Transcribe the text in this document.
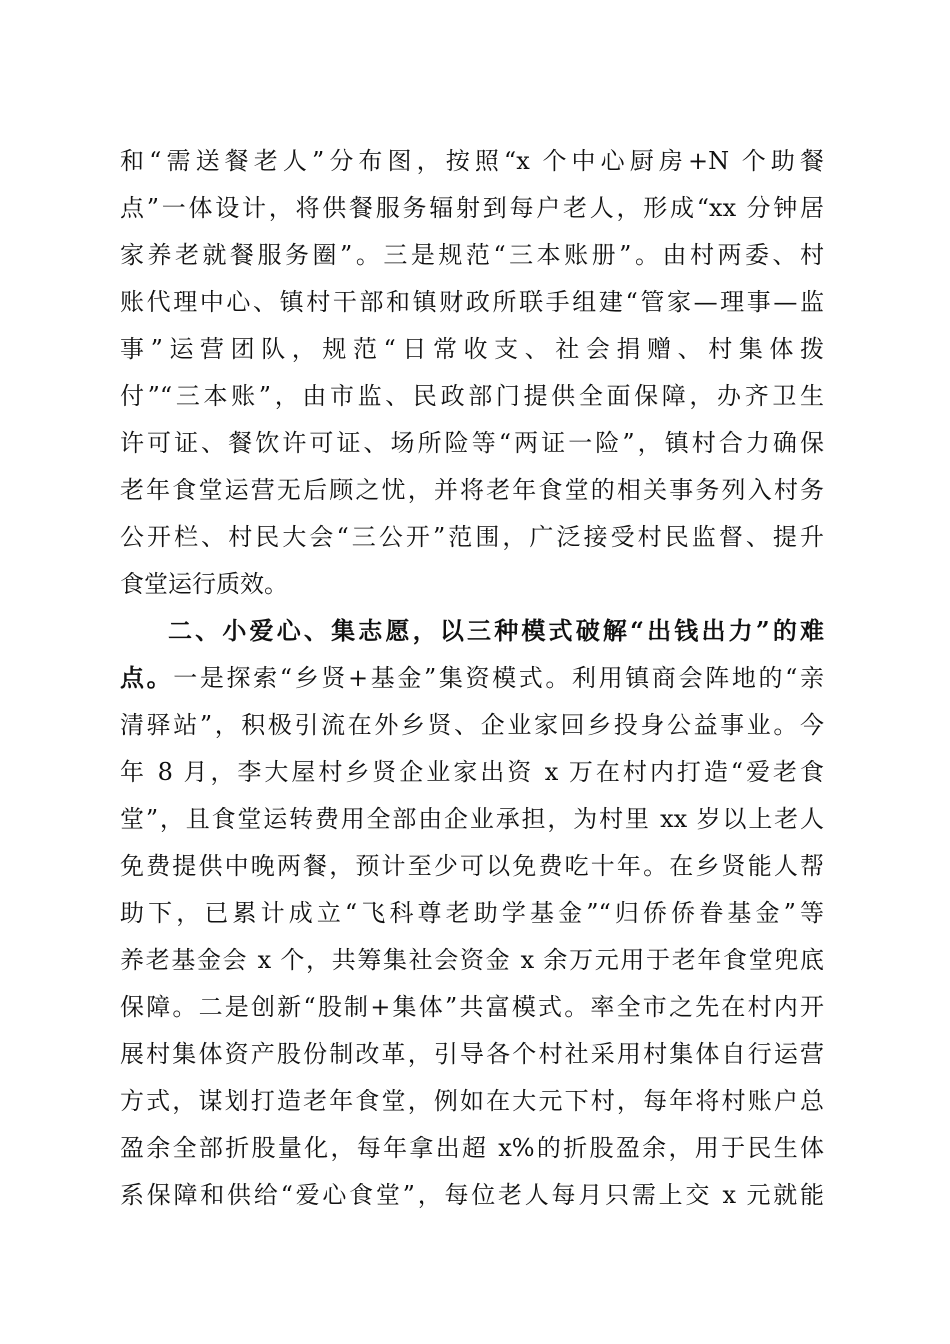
和“需送餐老人”分布图，按照“x 个中心厨房+N 个助餐
点”一体设计，将供餐服务辐射到每户老人，形成“xx 分钟居
家养老就餐服务圈”。三是规范“三本账册”。由村两委、村
账代理中心、镇村干部和镇财政所联手组建“管家—理事—监
事”运营团队，规范“日常收支、社会捐赠、村集体拨
付”“三本账”，由市监、民政部门提供全面保障，办齐卫生
许可证、餐饮许可证、场所险等“两证一险”，镇村合力确保
老年食堂运营无后顾之忧，并将老年食堂的相关事务列入村务
公开栏、村民大会“三公开”范围，广泛接受村民监督、提升
食堂运行质效。
二、小爱心、集志愿，以三种模式破解“出钱出力”的难
点。一是探索“乡贤+基金”集资模式。利用镇商会阵地的“亲
清驿站”，积极引流在外乡贤、企业家回乡投身公益事业。今
年 8 月，李大屋村乡贤企业家出资 x 万在村内打造“爱老食
堂”，且食堂运转费用全部由企业承担，为村里 xx 岁以上老人
免费提供中晚两餐，预计至少可以免费吃十年。在乡贤能人帮
助下，已累计成立“飞科尊老助学基金”“归侨侨眷基金”等
养老基金会 x 个，共筹集社会资金 x 余万元用于老年食堂兜底
保障。二是创新“股制+集体”共富模式。率全市之先在村内开
展村集体资产股份制改革，引导各个村社采用村集体自行运营
方式，谋划打造老年食堂，例如在大元下村，每年将村账户总
盈余全部折股量化，每年拿出超 x%的折股盈余，用于民生体
系保障和供给“爱心食堂”，每位老人每月只需上交 x 元就能
